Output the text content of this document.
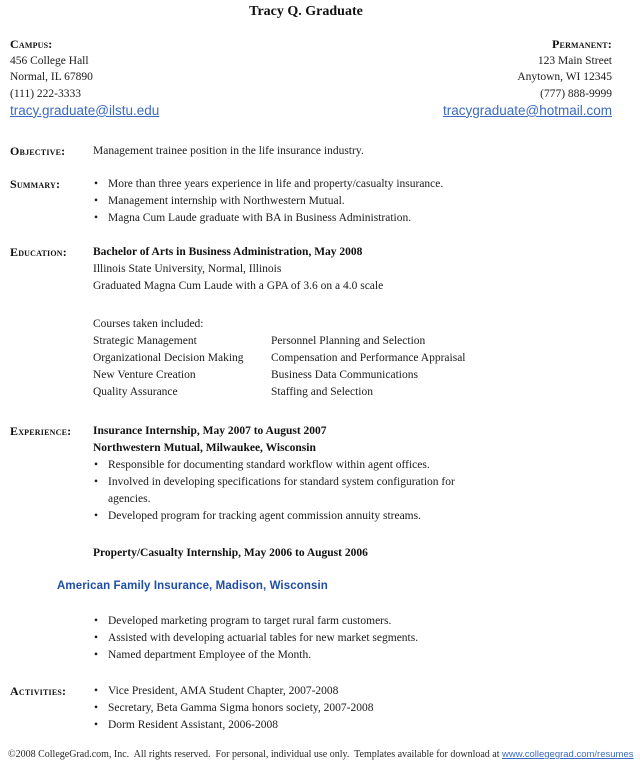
Tracy Q. Graduate
Campus:
456 College Hall
Normal, IL 67890
(111) 222-3333
tracy.graduate@ilstu.edu
Permanent:
123 Main Street
Anytown, WI 12345
(777) 888-9999
tracygraduate@hotmail.com
Objective: Management trainee position in the life insurance industry.
Summary:	• More than three years experience in life and property/casualty insurance.
• Management internship with Northwestern Mutual.
• Magna Cum Laude graduate with BA in Business Administration.
Education: Bachelor of Arts in Business Administration, May 2008
Illinois State University, Normal, Illinois
Graduated Magna Cum Laude with a GPA of 3.6 on a 4.0 scale
Courses taken included:
Strategic Management	Personnel Planning and Selection
Organizational Decision Making	Compensation and Performance Appraisal
New Venture Creation	Business Data Communications
Quality Assurance	Staffing and Selection
Experience: Insurance Internship, May 2007 to August 2007
Northwestern Mutual, Milwaukee, Wisconsin
• Responsible for documenting standard workflow within agent offices.
• Involved in developing specifications for standard system configuration for agencies.
• Developed program for tracking agent commission annuity streams.
Property/Casualty Internship, May 2006 to August 2006
American Family Insurance, Madison, Wisconsin
• Developed marketing program to target rural farm customers.
• Assisted with developing actuarial tables for new market segments.
• Named department Employee of the Month.
Activities: • Vice President, AMA Student Chapter, 2007-2008
• Secretary, Beta Gamma Sigma honors society, 2007-2008
• Dorm Resident Assistant, 2006-2008
©2008 CollegeGrad.com, Inc.  All rights reserved.  For personal, individual use only.  Templates available for download at www.collegegrad.com/resumes
